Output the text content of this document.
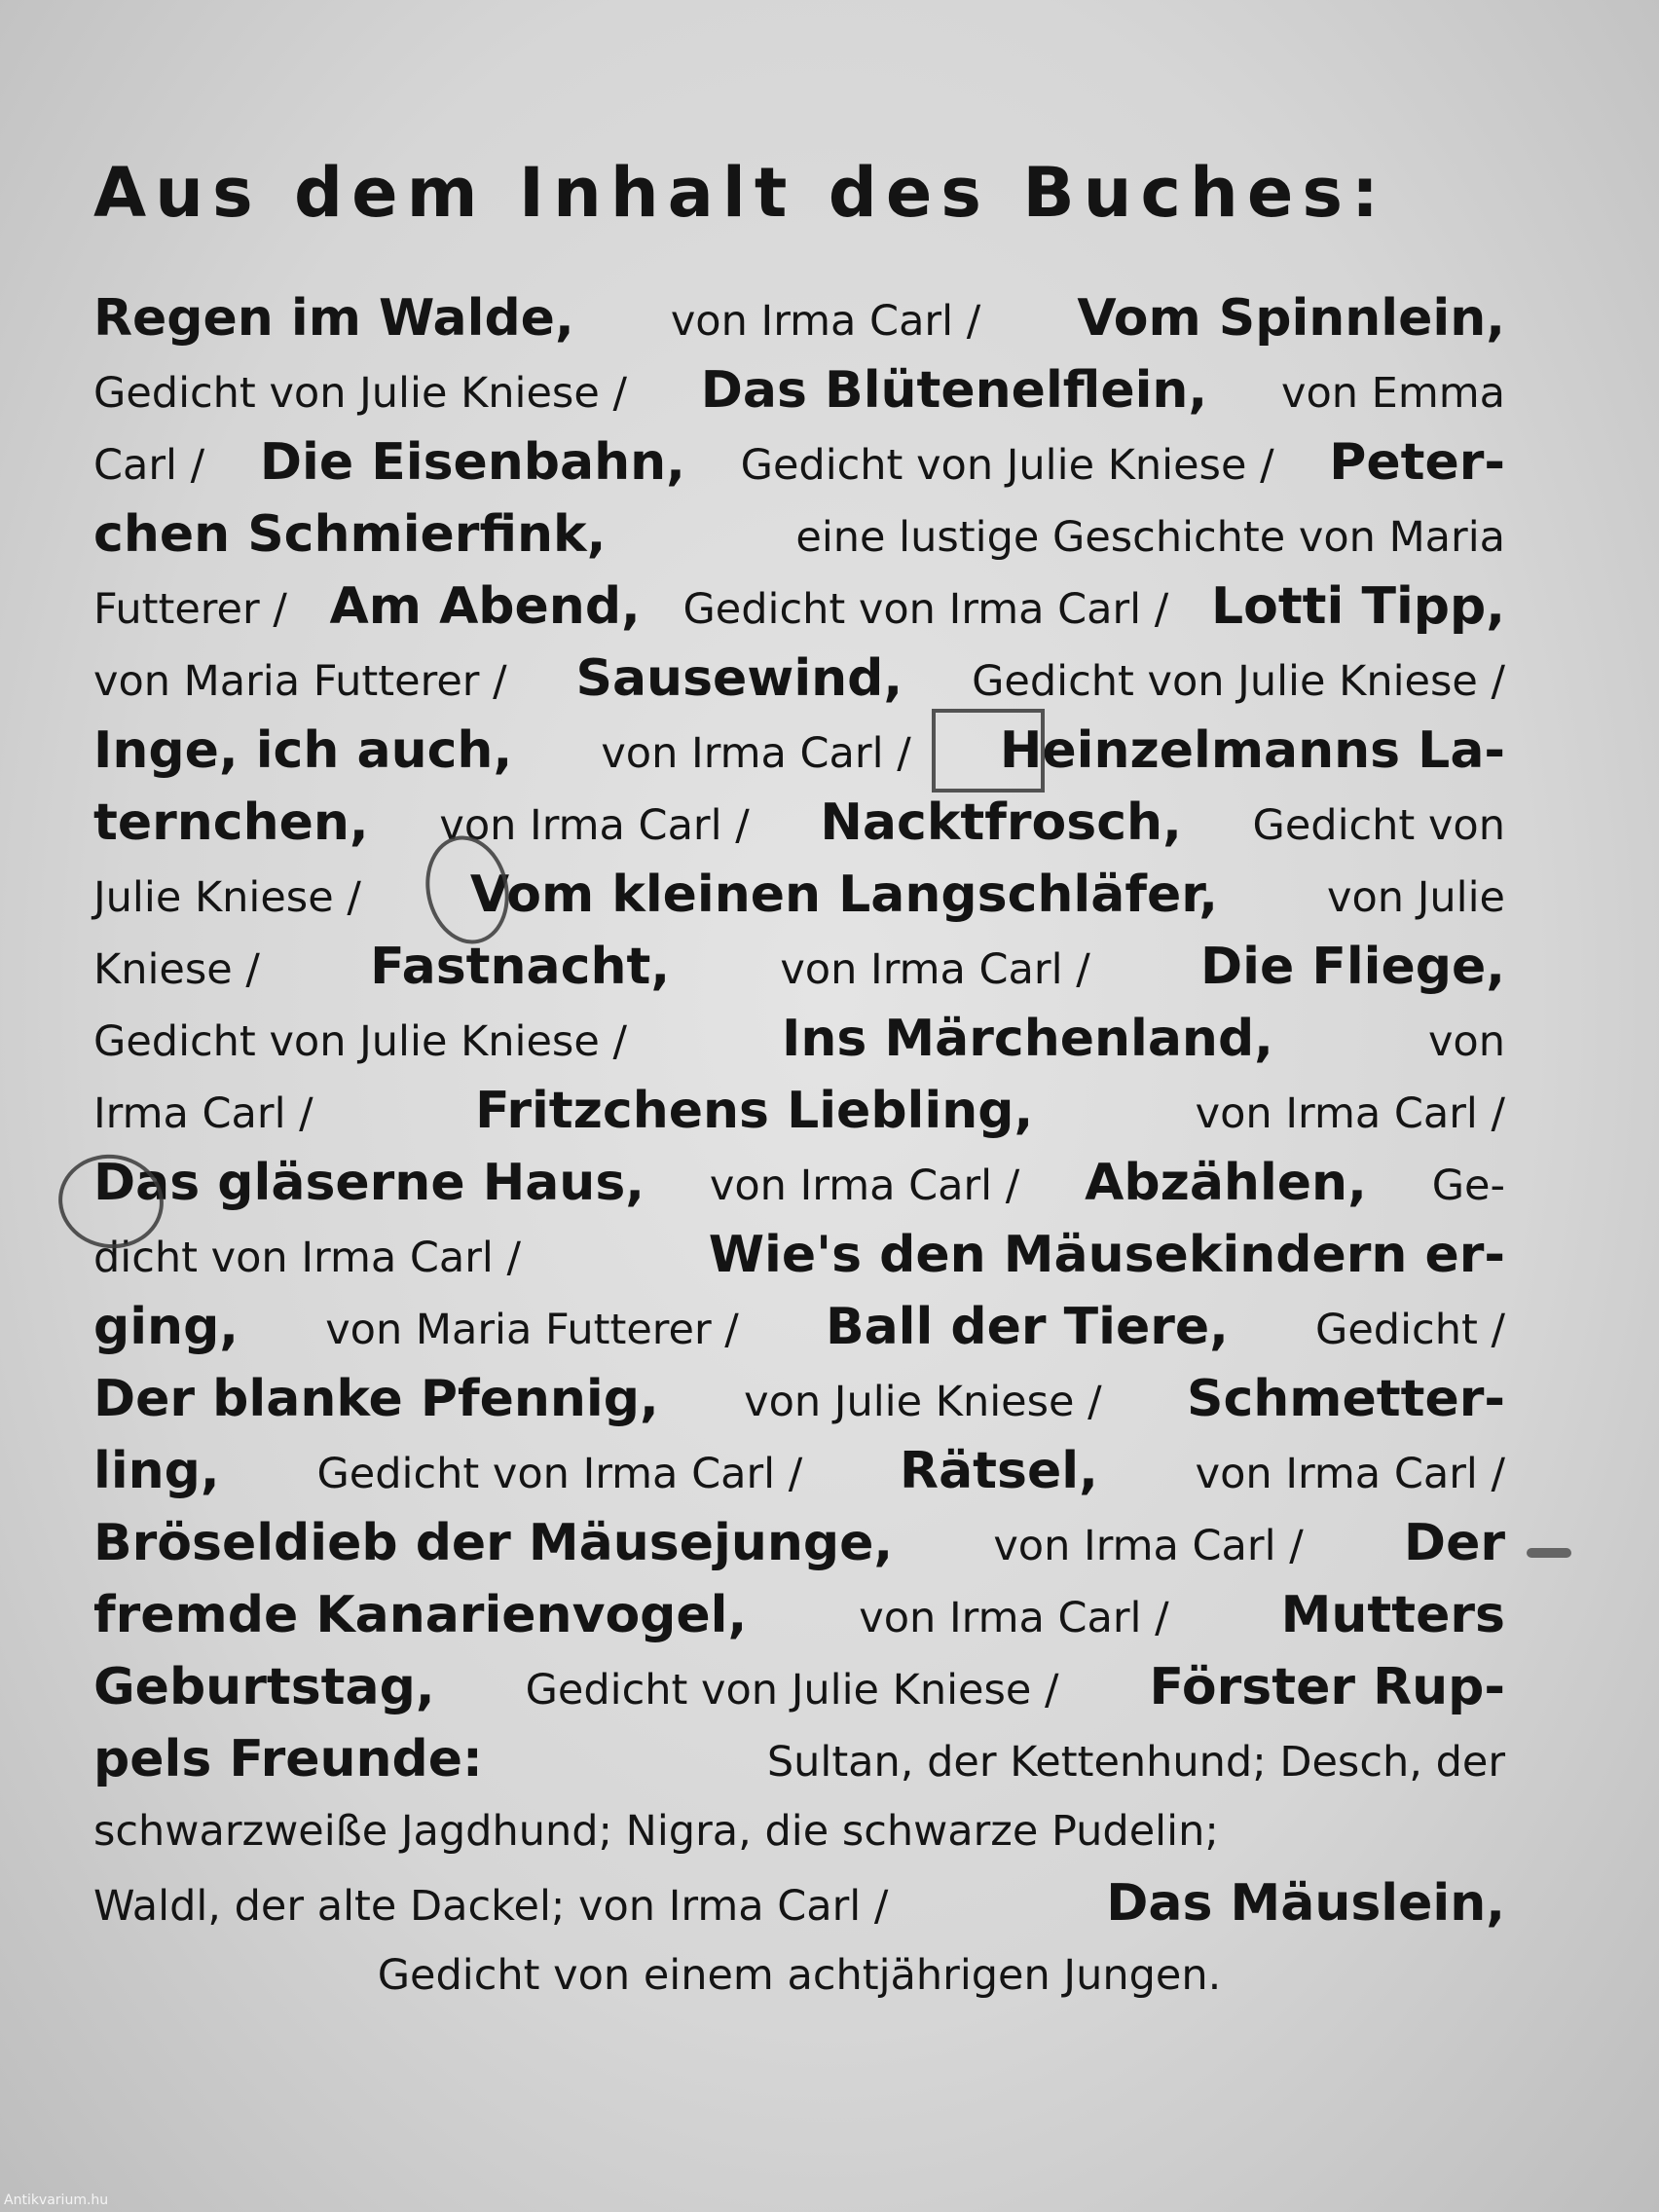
Aus dem Inhalt des Buches:
Regen im Walde, von Irma Carl / Vom Spinnlein,
Gedicht von Julie Kniese / Das Blütenelflein, von Emma
Carl / Die Eisenbahn, Gedicht von Julie Kniese / Peter-
chen Schmierfink,	eine lustige Geschichte von Maria
Futterer / Am Abend, Gedicht von Irma Carl / Lotti Tipp,
von Maria Futterer / Sausewind, Gedicht von Julie Kniese /
Inge, ich auch, von Irma Carl / Heinzelmanns La-
ternchen, von Irma Carl / Nacktfrosch, Gedicht von
Julie Kniese / Vom kleinen Langschläfer,	von Julie
Kniese / Fastnacht,	von Irma Carl / Die Fliege,
Gedicht von Julie Kniese /	Ins Märchenland,	von
Irma Carl /	Fritzchens Liebling,	von Irma Carl /
Das gläserne Haus, von Irma Carl / Abzählen, Ge-
dicht von Irma Carl /	Wie's den Mäusekindern er-
ging, von Maria Futterer / Ball der Tiere, Gedicht /
Der blanke Pfennig, von Julie Kniese / Schmetter-
ling, Gedicht von Irma Carl / Rätsel, von Irma Carl /
Bröseldieb der Mäusejunge, von Irma Carl / Der
fremde Kanarienvogel,	von Irma Carl / Mutters
Geburtstag, Gedicht von Julie Kniese / Förster Rup-
pels Freunde:	Sultan, der Kettenhund; Desch, der
schwarzweiße Jagdhund; Nigra, die schwarze Pudelin;
Waldl, der alte Dackel; von Irma Carl /	Das Mäuslein,
Gedicht von einem achtjährigen Jungen.
Antikvarium.hu
